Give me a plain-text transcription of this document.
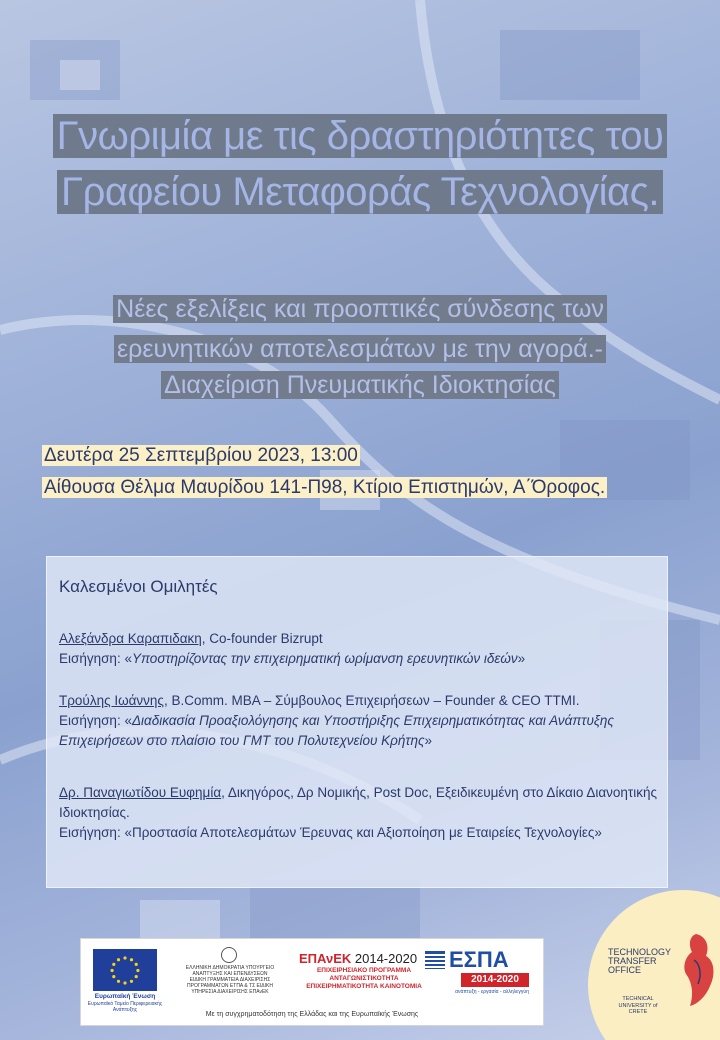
Γνωριμία με τις δραστηριότητες του
Γραφείου Μεταφοράς Τεχνολογίας.
Νέες εξελίξεις και προοπτικές σύνδεσης των
ερευνητικών αποτελεσμάτων με την αγορά.-
Διαχείριση Πνευματικής Ιδιοκτησίας
Δευτέρα 25 Σεπτεμβρίου 2023, 13:00
Αίθουσα Θέλμα Μαυρίδου 141-Π98, Κτίριο Επιστημών, Α΄Όροφος.
Καλεσμένοι Ομιλητές
Αλεξάνδρα Καραπιδακη, Co-founder Bizrupt
Εισήγηση: «Υποστηρίζοντας την επιχειρηματική ωρίμανση ερευνητικών ιδεών»
Τρούλης Ιωάννης, B.Comm. MBA – Σύμβουλος Επιχειρήσεων – Founder & CEO TTMI.
Εισήγηση: «Διαδικασία Προαξιολόγησης και Υποστήριξης Επιχειρηματικότητας και Ανάπτυξης Επιχειρήσεων στο πλαίσιο του ΓΜΤ του Πολυτεχνείου Κρήτης»
Δρ. Παναγιωτίδου Ευφημία, Δικηγόρος, Δρ Νομικής, Post Doc, Εξειδικευμένη στο Δίκαιο Διανοητικής Ιδιοκτησίας.
Εισήγηση: «Προστασία Αποτελεσμάτων Έρευνας και Αξιοποίηση με Εταιρείες Τεχνολογίες»
Ευρωπαϊκή Ένωση
Ευρωπαϊκό Ταμείο Περιφερειακής Ανάπτυξης
ΕΛΛΗΝΙΚΗ ΔΗΜΟΚΡΑΤΙΑ ΥΠΟΥΡΓΕΙΟ ΑΝΑΠΤΥΞΗΣ ΚΑΙ ΕΠΕΝΔΥΣΕΩΝ ΕΙΔΙΚΗ ΓΡΑΜΜΑΤΕΙΑ ΔΙΑΧΕΙΡΙΣΗΣ ΠΡΟΓΡΑΜΜΑΤΩΝ ΕΤΠΑ & ΤΣ ΕΙΔΙΚΗ ΥΠΗΡΕΣΙΑ ΔΙΑΧΕΙΡΙΣΗΣ ΕΠΑνΕΚ
ΕΠΑνΕΚ 2014-2020
ΕΠΙΧΕΙΡΗΣΙΑΚΟ ΠΡΟΓΡΑΜΜΑ ΑΝΤΑΓΩΝΙΣΤΙΚΟΤΗΤΑ ΕΠΙΧΕΙΡΗΜΑΤΙΚΟΤΗΤΑ ΚΑΙΝΟΤΟΜΙΑ
ΕΣΠΑ
2014-2020
ανάπτυξη - εργασία - αλληλεγγύη
Με τη συγχρηματοδότηση της Ελλάδας και της Ευρωπαϊκής Ένωσης
TECHNOLOGY
TRANSFER
OFFICE
TECHNICAL UNIVERSITY of CRETE
